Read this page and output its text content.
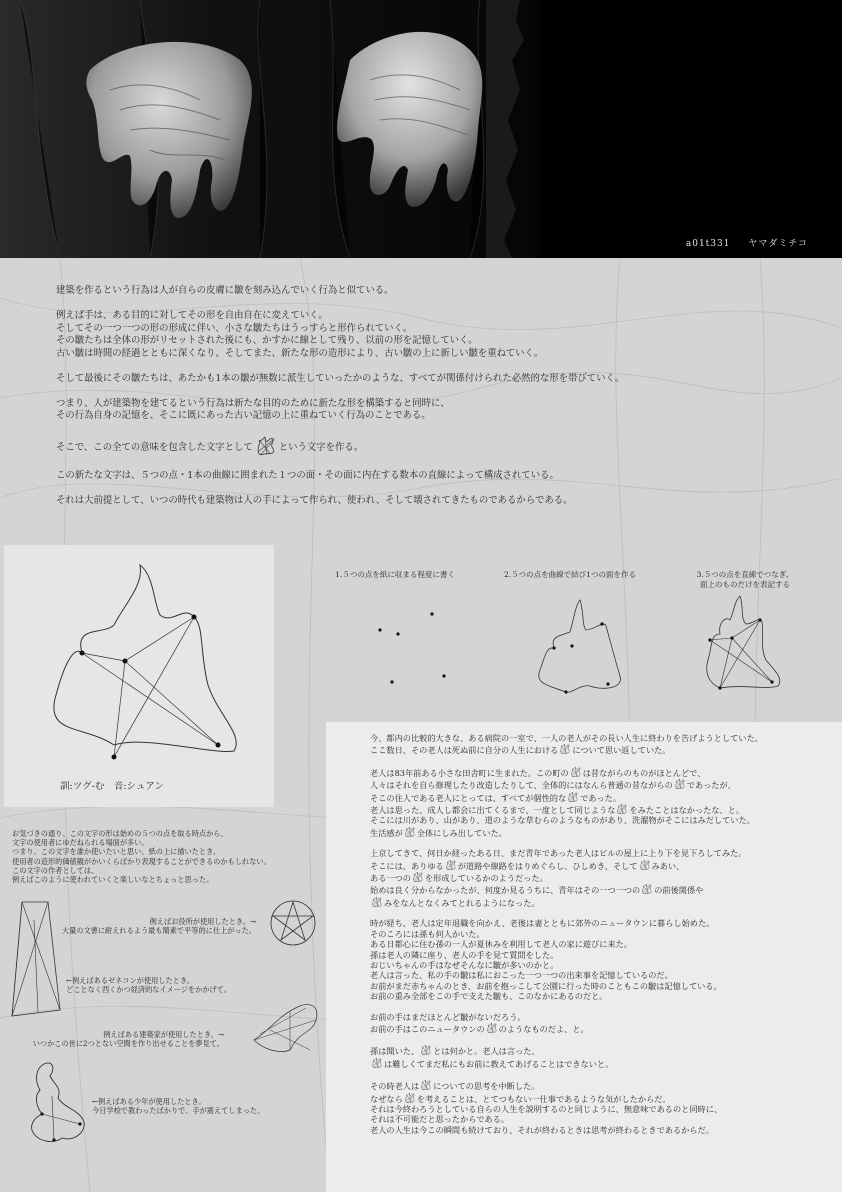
a01t331 ヤマダミチコ

建築を作るという行為は人が自らの皮膚に皺を刻み込んでいく行為と似ている。

例えば手は、ある目的に対してその形を自由自在に変えていく。
そしてその一つ一つの形の形成に伴い、小さな皺たちはうっすらと形作られていく。
その皺たちは全体の形がリセットされた後にも、かすかに線として残り、以前の形を記憶していく。
古い皺は時間の経過とともに深くなり、そしてまた、新たな形の造形により、古い皺の上に新しい皺を重ねていく。

そして最後にその皺たちは、あたかも1本の皺が無数に派生していったかのような、すべてが関係付けられた必然的な形を帯びていく。

つまり、人が建築物を建てるという行為は新たな目的のために新たな形を構築すると同時に、
その行為自身の記憶を、そこに既にあった古い記憶の上に重ねていく行為のことである。

そこで、この全ての意味を包含した文字として	という文字を作る。

この新たな文字は、５つの点・1本の曲線に囲まれた１つの面・その面に内在する数本の直線によって構成されている。

それは大前提として、いつの時代も建築物は人の手によって作られ、使われ、そして壊されてきたものであるからである。

訓:ツグ-む　音:シュアン
1.５つの点を紙に収まる程度に書く	2.５つの点を曲線で結び1つの面を作る	3.５つの点を直線でつなぎ、
面上のものだけを表記する

お気づきの通り、この文字の形は始めの５つの点を取る時点から、

文字の使用者にゆだねられる場面が多い。

つまり、この文字を誰か使いたいと思い、紙の上に描いたとき、

使用者の造形的価値観がかいくらばかり表現することができるのかもしれない。

この文字の作者としては、

例えばこのように使われていくと楽しいなとちょっと思った。

例えばお役所が使用したとき。→
大量の文書に耐えれるよう最も簡素で平等的に仕上がった。
←例えばあるゼネコンが使用したとき。
どことなく西くかつ経済的なイメージをかかげて。
例えばある建築家が使用したとき。→
いつかこの世に2つとない空間を作り出せることを夢見て。
←例えばある少年が使用したとき。
今日学校で教わったばかりで、手が震えてしまった。

今、都内の比較的大きな、ある病院の一室で、一人の老人がその長い人生に終わりを告げようとしていた。
ここ数日、その老人は死ぬ前に自分の人生における について思い返していた。

老人は83年前ある小さな田舎町に生まれた。この町の は昔ながらのものがほとんどで、
人々はそれを自ら修理したり改造したりして、全体的にはなんら普通の昔ながらの であったが、
そこの住人である老人にとっては、すべてが個性的な であった。
老人は思った、成人し都会に出てくるまで、一度として同じような をみたことはなかったな、と。
そこには川があり、山があり、道のような草むらのようなものがあり、洗濯物がそこにはみだしていた。
生活感が 全体にしみ出していた。

上京してきて、何日か経ったある日、まだ青年であった老人はビルの屋上に上り下を見下ろしてみた。
そこには、ありゆる が道路や線路をはりめぐらし、ひしめき、そして みあい、
ある一つの を形成しているかのようだった。
始めは良く分からなかったが、何度か見るうちに、青年はその一つ一つの の前後関係や
みをなんとなくみてとれるようになった。

時が経ち、老人は定年退職を向かえ、老後は妻とともに郊外のニュータウンに暮らし始めた。
そのころには孫も何人かいた。
ある日都心に住む孫の一人が夏休みを利用して老人の家に遊びに来た。
孫は老人の隣に座り、老人の手を見て質問をした。
おじいちゃんの手はなぜそんなに皺が多いのかと。
老人は言った、私の手の皺は私におこった一つ一つの出来事を記憶しているのだ。
お前がまだ赤ちゃんのとき、お前を抱っこして公園に行った時のこともこの皺は記憶している。
お前の重み全部をこの手で支えた皺も、このなかにあるのだと。

お前の手はまだほとんど皺がないだろう。
お前の手はこのニュータウンの のようなものだよ、と。

孫は聞いた、 とは何かと。老人は言った、
は難しくてまだ私にもお前に教えてあげることはできないと。

その時老人は についての思考を中断した。
なぜなら を考えることは、とてつもない一仕事であるような気がしたからだ。
それは今終わろうとしている自らの人生を説明するのと同じように、無意味であるのと同時に、
それは不可能だと思ったからである。
老人の人生は今この瞬間も続けており、それが終わるときは思考が終わるときであるからだ。
